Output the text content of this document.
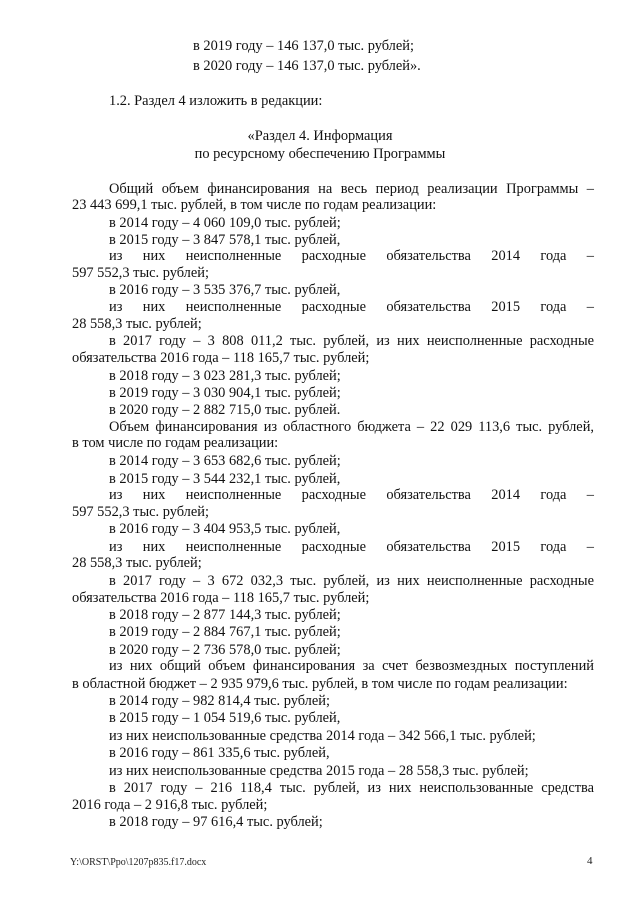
в 2019 году – 146 137,0 тыс. рублей;
в 2020 году – 146 137,0 тыс. рублей».
1.2. Раздел 4 изложить в редакции:
«Раздел 4. Информация
по ресурсному обеспечению Программы
Общий объем финансирования на весь период реализации Программы –
23 443 699,1 тыс. рублей, в том числе по годам реализации:
в 2014 году – 4 060 109,0 тыс. рублей;
в 2015 году – 3 847 578,1 тыс. рублей,
из них неисполненные расходные обязательства 2014 года –
597 552,3 тыс. рублей;
в 2016 году – 3 535 376,7 тыс. рублей,
из них неисполненные расходные обязательства 2015 года –
28 558,3 тыс. рублей;
в 2017 году – 3 808 011,2 тыс. рублей, из них неисполненные расходные
обязательства 2016 года – 118 165,7 тыс. рублей;
в 2018 году – 3 023 281,3 тыс. рублей;
в 2019 году – 3 030 904,1 тыс. рублей;
в 2020 году – 2 882 715,0 тыс. рублей.
Объем финансирования из областного бюджета – 22 029 113,6 тыс. рублей,
в том числе по годам реализации:
в 2014 году – 3 653 682,6 тыс. рублей;
в 2015 году – 3 544 232,1 тыс. рублей,
из них неисполненные расходные обязательства 2014 года –
597 552,3 тыс. рублей;
в 2016 году – 3 404 953,5 тыс. рублей,
из них неисполненные расходные обязательства 2015 года –
28 558,3 тыс. рублей;
в 2017 году – 3 672 032,3 тыс. рублей, из них неисполненные расходные
обязательства 2016 года – 118 165,7 тыс. рублей;
в 2018 году – 2 877 144,3 тыс. рублей;
в 2019 году – 2 884 767,1 тыс. рублей;
в 2020 году – 2 736 578,0 тыс. рублей;
из них общий объем финансирования за счет безвозмездных поступлений
в областной бюджет – 2 935 979,6 тыс. рублей, в том числе по годам реализации:
в 2014 году – 982 814,4 тыс. рублей;
в 2015 году – 1 054 519,6 тыс. рублей,
из них неиспользованные средства 2014 года – 342 566,1 тыс. рублей;
в 2016 году – 861 335,6 тыс. рублей,
из них неиспользованные средства 2015 года – 28 558,3 тыс. рублей;
в 2017 году – 216 118,4 тыс. рублей, из них неиспользованные средства
2016 года – 2 916,8 тыс. рублей;
в 2018 году – 97 616,4 тыс. рублей;
Y:\ORST\Ppo\1207p835.f17.docx	4
